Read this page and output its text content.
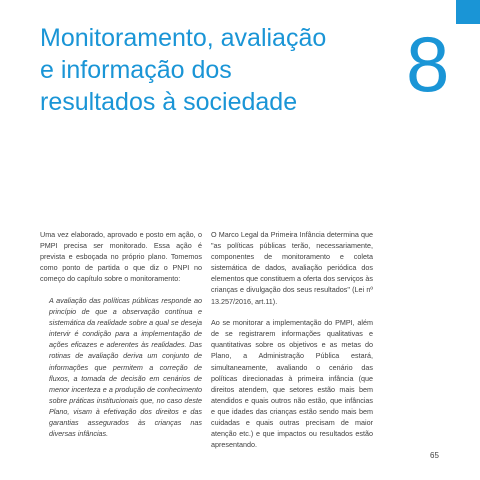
Monitoramento, avaliação
e informação dos
resultados à sociedade	8

Uma vez elaborado, aprovado e posto em ação, o PMPI precisa ser monitorado. Essa ação é prevista e esboçada no próprio plano. Tomemos como ponto de partida o que diz o PNPI no começo do capítulo sobre o monitoramento:

A avaliação das políticas públicas responde ao princípio de que a observação contínua e sistemática da realidade sobre a qual se deseja intervir é condição para a implementação de ações eficazes e aderentes às realidades. Das rotinas de avaliação deriva um conjunto de informações que permitem a correção de fluxos, a tomada de decisão em cenários de menor incerteza e a produção de conhecimento sobre práticas institucionais que, no caso deste Plano, visam à efetivação dos direitos e das garantias assegurados às crianças nas diversas infâncias.

O Marco Legal da Primeira Infância determina que "as políticas públicas terão, necessariamente, componentes de monitoramento e coleta sistemática de dados, avaliação periódica dos elementos que constituem a oferta dos serviços às crianças e divulgação dos seus resultados" (Lei nº 13.257/2016, art.11).

Ao se monitorar a implementação do PMPI, além de se registrarem informações qualitativas e quantitativas sobre os objetivos e as metas do Plano, a Administração Pública estará, simultaneamente, avaliando o cenário das políticas direcionadas à primeira infância (que direitos atendem, que setores estão mais bem atendidos e quais outros não estão, que infâncias e que idades das crianças estão sendo mais bem cuidadas e quais outras precisam de maior atenção etc.) e que impactos ou resultados estão apresentando.

65
